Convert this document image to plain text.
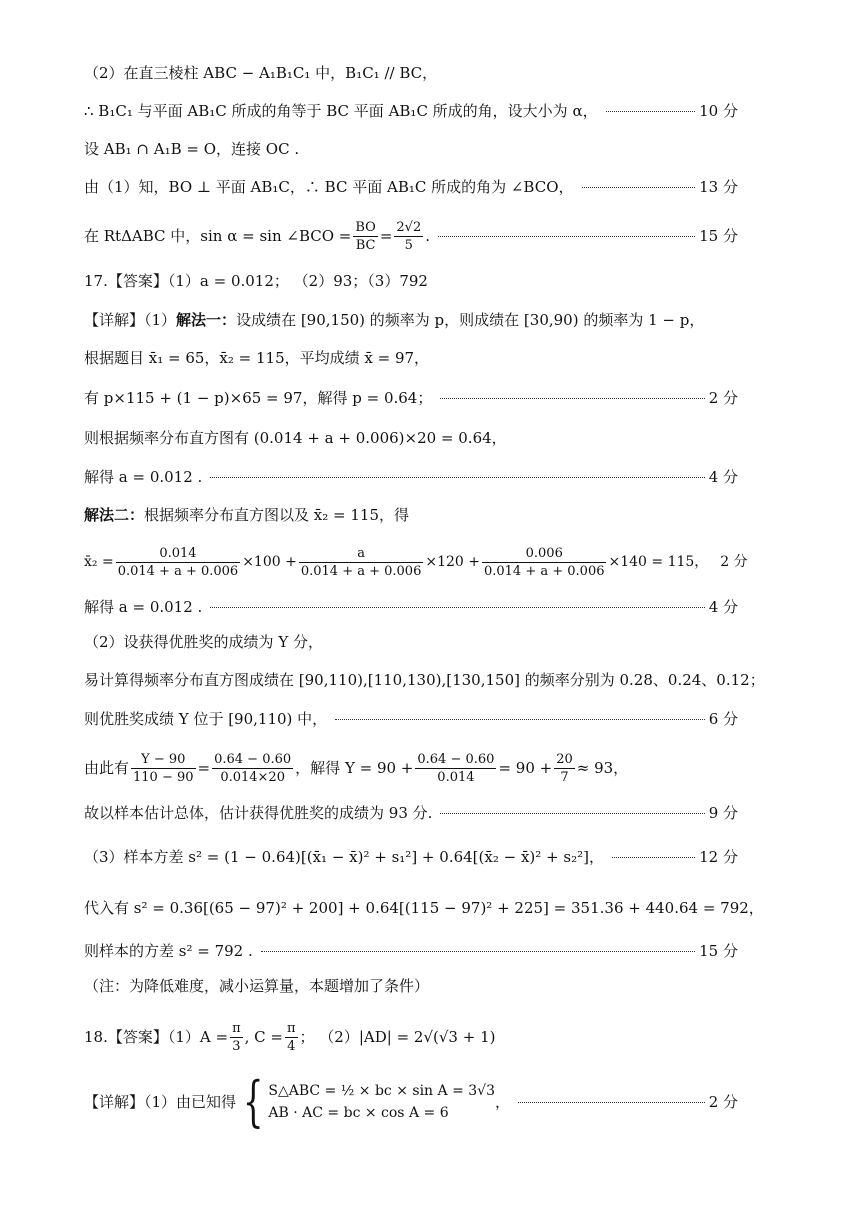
（2）在直三棱柱 ABC − A₁B₁C₁ 中，B₁C₁ // BC，
∴ B₁C₁ 与平面 AB₁C 所成的角等于 BC 平面 AB₁C 所成的角，设大小为 α，	10 分
设 AB₁ ∩ A₁B = O，连接 OC .
由（1）知，BO ⊥ 平面 AB₁C，∴ BC 平面 AB₁C 所成的角为 ∠BCO，	13 分
在 RtΔABC 中，sin α = sin ∠BCO = $\frac{BO}{BC} = \frac{2√2}{5}$ .	15 分
17.【答案】（1）a = 0.012； （2）93；（3）792
【详解】（1） 解法一： 设成绩在 [90,150) 的频率为 p，则成绩在 [30,90) 的频率为 1 − p，
根据题目 x̄₁ = 65，x̄₂ = 115，平均成绩 x̄ = 97，
有 p×115 + (1 − p)×65 = 97，解得 p = 0.64；	2 分
则根据频率分布直方图有 (0.014 + a + 0.006)×20 = 0.64，
解得 a = 0.012 .	4 分
解法二： 根据频率分布直方图以及 x̄₂ = 115，得
x̄₂ = $\frac{0.014}{0.014 + a + 0.006} \times 100 + \frac{a}{0.014 + a + 0.006} \times 120 + \frac{0.006}{0.014 + a + 0.006} \times 140 = 115$， 2 分
解得 a = 0.012 .	4 分
（2）设获得优胜奖的成绩为 Y 分，
易计算得频率分布直方图成绩在 [90,110),[110,130),[130,150] 的频率分别为 0.28、0.24、0.12；
则优胜奖成绩 Y 位于 [90,110) 中，	6 分
由此有 $\frac{Y - 90}{110 - 90} = \frac{0.64 - 0.60}{0.014\times 20}$ ，解得 $Y = 90 + \frac{0.64 - 0.60}{0.014} = 90 + \frac{20}{7} \approx 93$，
故以样本估计总体，估计获得优胜奖的成绩为 93 分.	9 分
（3）样本方差 s² = (1 − 0.64)[(x̄₁ − x̄)² + s₁²] + 0.64[(x̄₂ − x̄)² + s₂²]，	12 分
代入有 s² = 0.36[(65 − 97)² + 200] + 0.64[(115 − 97)² + 225] = 351.36 + 440.64 = 792，
则样本的方差 s² = 792 .	15 分
（注：为降低难度，减小运算量，本题增加了条件）
18.【答案】$(1)A = \frac{\pi}{3}$ , $C = \frac{\pi}{4}$ ； （2）|AD| = 2√(√3 + 1)
【详解】（1）由已知得 { S△ABC = ½ × bc × sin A = 3√3
AB · AC = bc × cos A = 6
，	2 分
